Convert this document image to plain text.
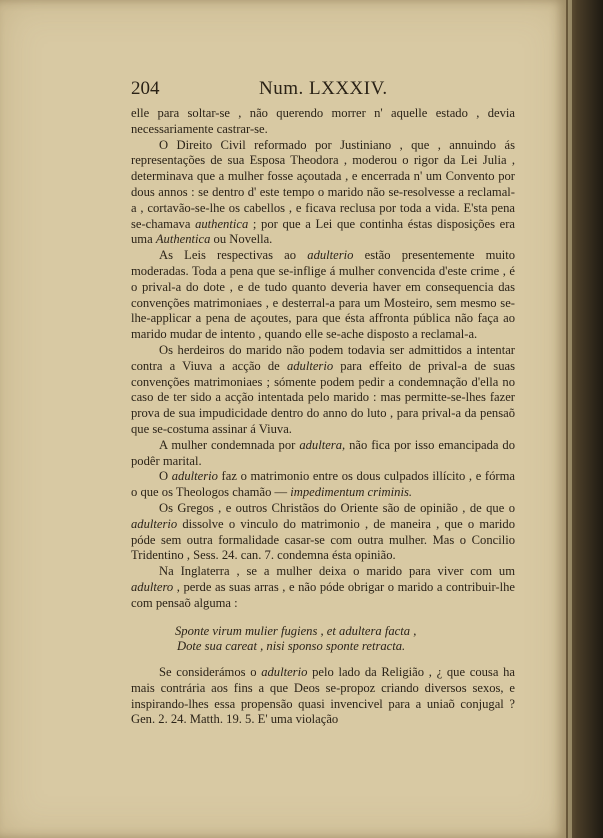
204	Num. LXXXIV.

elle para soltar-se , não querendo morrer n' aquelle estado , devia necessariamente castrar-se.

O Direito Civil reformado por Justiniano , que , annuindo ás representações de sua Esposa Theodora , moderou o rigor da Lei Julia , determinava que a mulher fosse açoutada , e encerrada n' um Convento por dous annos : se dentro d' este tempo o marido não se-resolvesse a reclamal-a , cortavão-se-lhe os cabellos , e ficava reclusa por toda a vida. E'sta pena se-chamava authentica ; por que a Lei que continha éstas disposições era uma Authentica ou Novella.

As Leis respectivas ao adulterio estão presentemente muito moderadas. Toda a pena que se-inflige á mulher convencida d'este crime , é o prival-a do dote , e de tudo quanto deveria haver em consequencia das convenções matrimoniaes , e desterral-a para um Mosteiro, sem mesmo se-lhe-applicar a pena de açoutes, para que ésta affronta pública não faça ao marido mudar de intento , quando elle se-ache disposto a reclamal-a.

Os herdeiros do marido não podem todavia ser admittidos a intentar contra a Viuva a acção de adulterio para effeito de prival-a de suas convenções matrimoniaes ; sómente podem pedir a condemnação d'ella no caso de ter sido a acção intentada pelo marido : mas permitte-se-lhes fazer prova de sua impudicidade dentro do anno do luto , para prival-a da pensaõ que se-costuma assinar á Viuva.

A mulher condemnada por adultera, não fica por isso emancipada do podêr marital.

O adulterio faz o matrimonio entre os dous culpados illícito , e fórma o que os Theologos chamão — impedimentum criminis.

Os Gregos , e outros Christãos do Oriente são de opinião , de que o adulterio dissolve o vinculo do matrimonio , de maneira , que o marido póde sem outra formalidade casar-se com outra mulher. Mas o Concilio Tridentino , Sess. 24. can. 7. condemna ésta opinião.

Na Inglaterra , se a mulher deixa o marido para viver com um adultero , perde as suas arras , e não póde obrigar o marido a contribuir-lhe com pensaõ alguma :

Sponte virum mulier fugiens , et adultera facta ,
Dote sua careat , nisi sponso sponte retracta.

Se considerámos o adulterio pelo lado da Religião , ¿ que cousa ha mais contrária aos fins a que Deos se-propoz criando diversos sexos, e inspirando-lhes essa propensão quasi invencivel para a uniaõ conjugal ? Gen. 2. 24. Matth. 19. 5. E' uma violação
